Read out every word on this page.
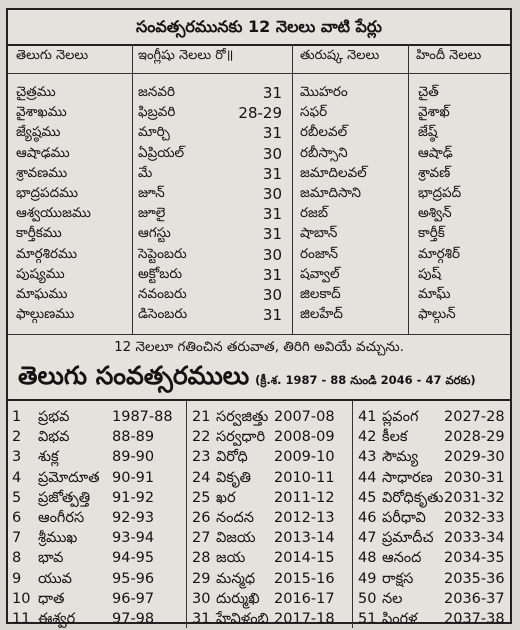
సంవత్సరమునకు 12 నెలలు వాటి పేర్లు
తెలుగు నెలలు	ఇంగ్లీషు నెలలు రో॥	తురుష్క నెలలు	హిందీ నెలలు
చైత్రము	జనవరి	31 మొహరం	చైత్
వైశాఖము	ఫిబ్రవరి	28-29 సఫర్	వైశాఖ్
జ్యేష్ఠము	మార్చి	31 రబీలవల్	జేష్ఠ్
ఆషాఢము	ఏప్రియల్	30 రబీస్సాని	ఆషాఢ్
శ్రావణము	మే	31 జమాదిలవల్	శ్రావణ్
భాద్రపదము	జూన్	30 జమాదిసాని	భాద్రపద్
ఆశ్వయుజము	జూలై	31 రజబ్	అశ్విన్
కార్తీకము	ఆగస్టు	31 షాబాన్	కార్తీక్
మార్గశిరము	సెప్టెంబరు	30 రంజాన్	మార్గశిర్
పుష్యము	అక్టోబరు	31 షవ్వాల్	పుష్
మాఘము	నవంబరు	30 జిలకాద్	మాఘ్
ఫాల్గుణము	డిసెంబరు	31 జిలహేద్	ఫాల్గున్
12 నెలలూ గతించిన తరువాత, తిరిగి అవియే వచ్చును.
తెలుగు సంవత్సరములు (క్రీ.శ. 1987 - 88 నుండి 2046 - 47 వరకు)
1 ప్రభవ	1987-88
2 విభవ	88-89
3 శుక్ల	89-90
4 ప్రమోదూత 90-91
5 ప్రజోత్పత్తి 91-92
6 ఆంగీరస 92-93
7 శ్రీముఖ 93-94
8 భావ	94-95
9 యువ	95-96
10 ధాత	96-97
11 ఈశ్వర	97-98
21 సర్వజిత్తు 2007-08
22 సర్వధారి 2008-09
23 విరోధి 2009-10
24 వికృతి 2010-11
25 ఖర	2011-12
26 నందన 2012-13
27 విజయ 2013-14
28 జయ 2014-15
29 మన్మధ 2015-16
30 దుర్ముఖి 2016-17
31 హేవిళంబి 2017-18
41 ప్లవంగ 2027-28
42 కీలక	2028-29
43 సౌమ్య 2029-30
44 సాధారణ 2030-31
45 విరోధికృతు 2031-32
46 పరీధావి 2032-33
47 ప్రమాదీచ 2033-34
48 ఆనంద 2034-35
49 రాక్షస 2035-36
50 నల	2036-37
51 పింగళ 2037-38
